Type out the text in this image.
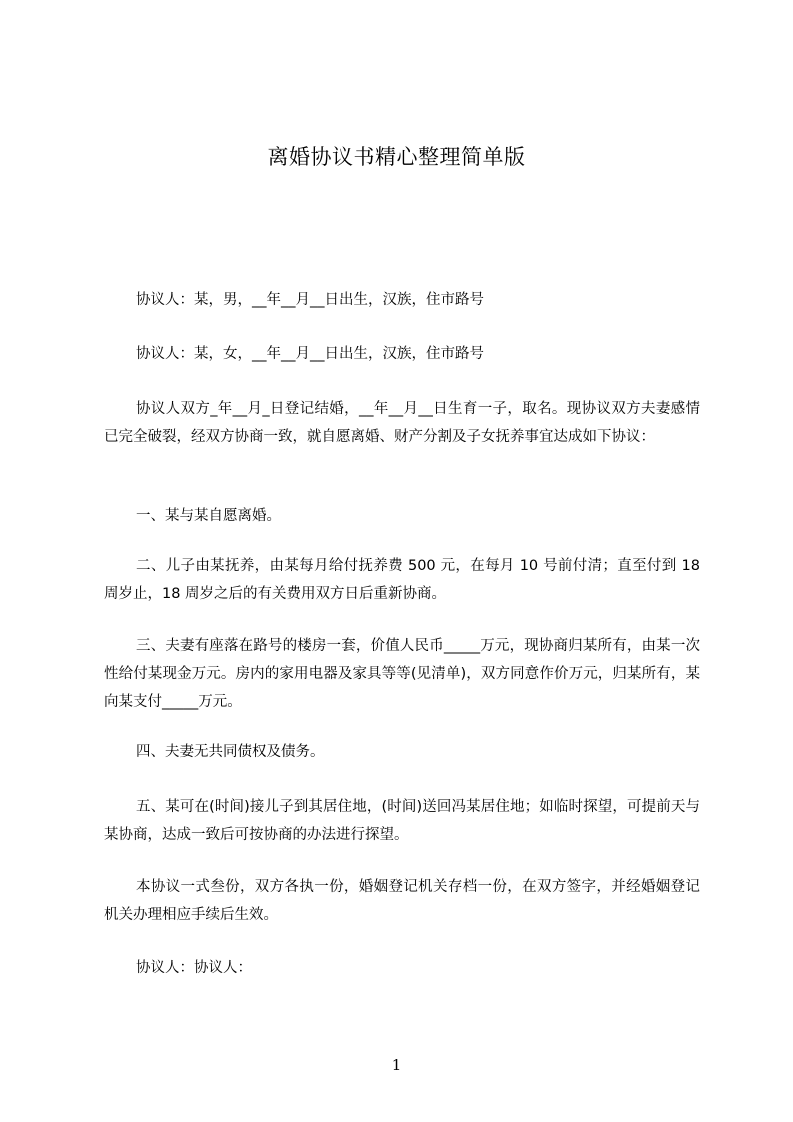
离婚协议书精心整理简单版

协议人：某，男，__年__月__日出生，汉族，住市路号

协议人：某，女，__年__月__日出生，汉族，住市路号

协议人双方_年__月_日登记结婚，__年__月__日生育一子，取名。现协议双方夫妻感情已完全破裂，经双方协商一致，就自愿离婚、财产分割及子女抚养事宜达成如下协议：

一、某与某自愿离婚。

二、儿子由某抚养，由某每月给付抚养费 500 元，在每月 10 号前付清；直至付到 18 周岁止，18 周岁之后的有关费用双方日后重新协商。

三、夫妻有座落在路号的楼房一套，价值人民币_____万元，现协商归某所有，由某一次性给付某现金万元。房内的家用电器及家具等等(见清单)，双方同意作价万元，归某所有，某向某支付_____万元。

四、夫妻无共同债权及债务。

五、某可在(时间)接儿子到其居住地，(时间)送回冯某居住地；如临时探望，可提前天与某协商，达成一致后可按协商的办法进行探望。

本协议一式叁份，双方各执一份，婚姻登记机关存档一份，在双方签字，并经婚姻登记机关办理相应手续后生效。

协议人：协议人：

1
